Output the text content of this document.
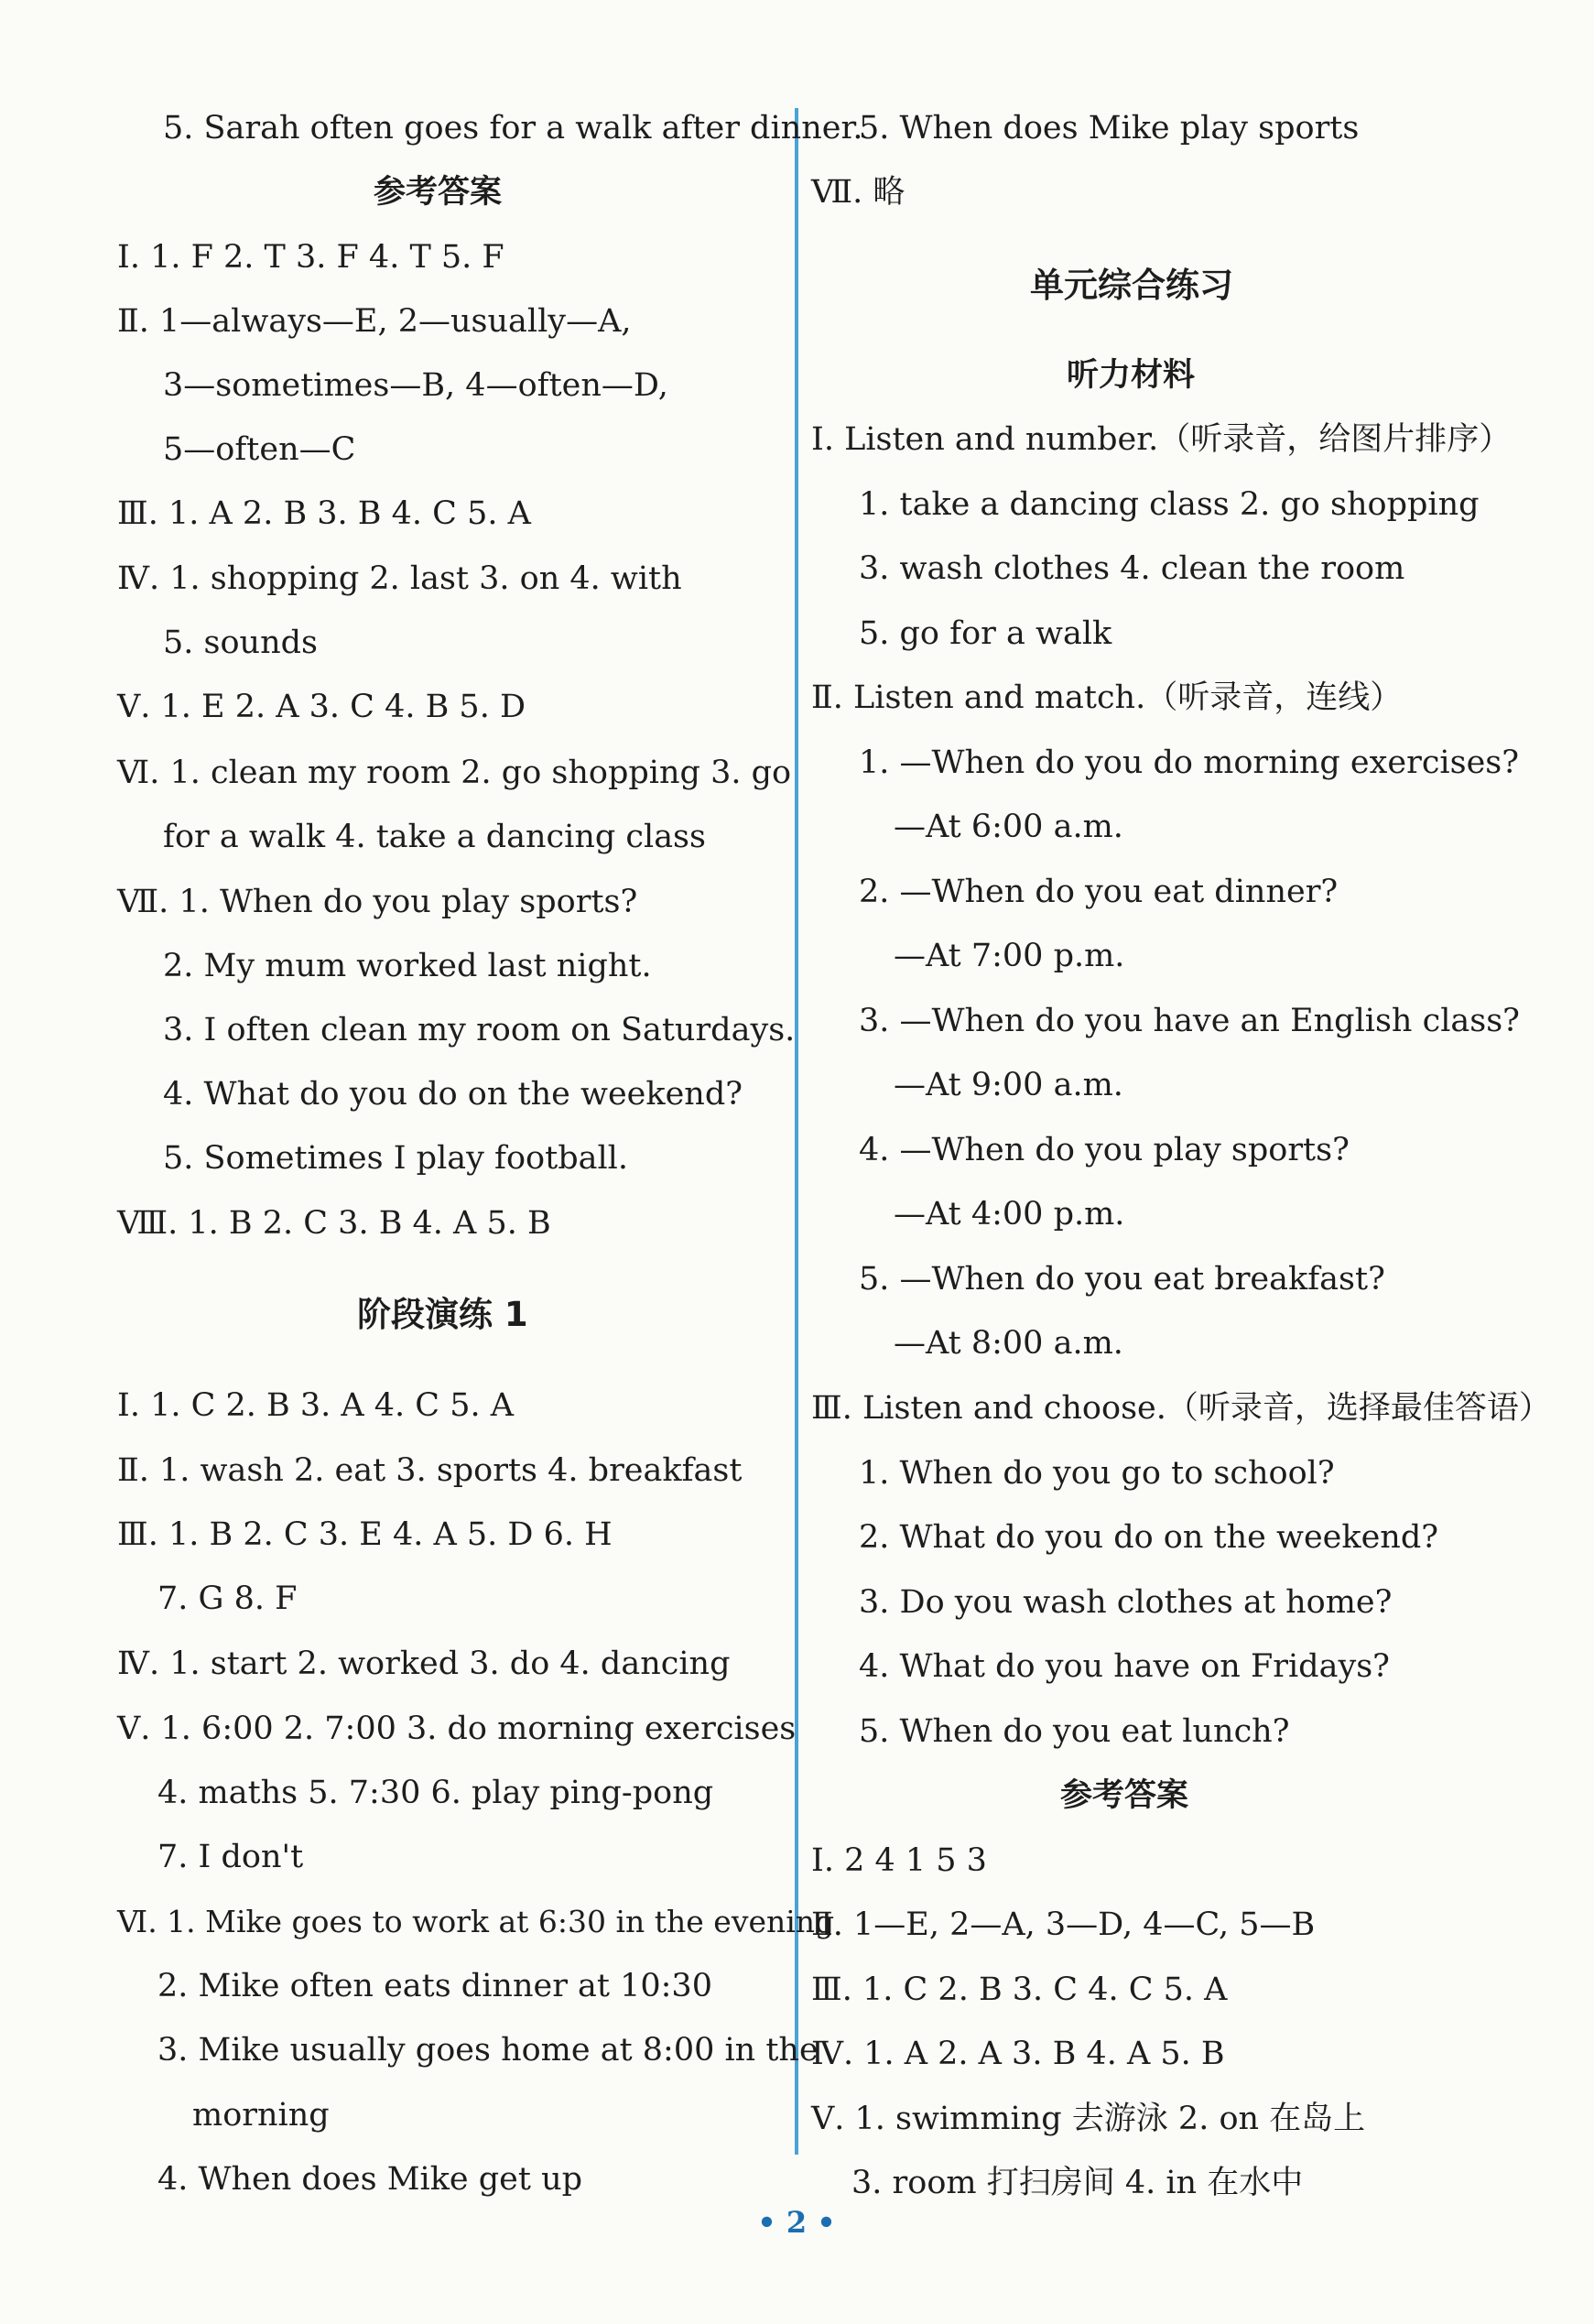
5. Sarah often goes for a walk after dinner.
参考答案
Ⅰ. 1. F 2. T 3. F 4. T 5. F
Ⅱ. 1—always—E, 2—usually—A,
3—sometimes—B, 4—often—D,
5—often—C
Ⅲ. 1. A 2. B 3. B 4. C 5. A
Ⅳ. 1. shopping 2. last 3. on 4. with
5. sounds
Ⅴ. 1. E 2. A 3. C 4. B 5. D
Ⅵ. 1. clean my room 2. go shopping 3. go
for a walk 4. take a dancing class
Ⅶ. 1. When do you play sports?
2. My mum worked last night.
3. I often clean my room on Saturdays.
4. What do you do on the weekend?
5. Sometimes I play football.
Ⅷ. 1. B 2. C 3. B 4. A 5. B
阶段演练 1
Ⅰ. 1. C 2. B 3. A 4. C 5. A
Ⅱ. 1. wash 2. eat 3. sports 4. breakfast
Ⅲ. 1. B 2. C 3. E 4. A 5. D 6. H
7. G 8. F
Ⅳ. 1. start 2. worked 3. do 4. dancing
Ⅴ. 1. 6:00 2. 7:00 3. do morning exercises
4. maths 5. 7:30 6. play ping-pong
7. I don't
Ⅵ. 1. Mike goes to work at 6:30 in the evening
2. Mike often eats dinner at 10:30
3. Mike usually goes home at 8:00 in the
morning
4. When does Mike get up
5. When does Mike play sports
Ⅶ. 略
单元综合练习
听力材料
Ⅰ. Listen and number.（听录音，给图片排序）
1. take a dancing class 2. go shopping
3. wash clothes 4. clean the room
5. go for a walk
Ⅱ. Listen and match.（听录音，连线）
1. —When do you do morning exercises?
—At 6:00 a.m.
2. —When do you eat dinner?
—At 7:00 p.m.
3. —When do you have an English class?
—At 9:00 a.m.
4. —When do you play sports?
—At 4:00 p.m.
5. —When do you eat breakfast?
—At 8:00 a.m.
Ⅲ. Listen and choose.（听录音，选择最佳答语）
1. When do you go to school?
2. What do you do on the weekend?
3. Do you wash clothes at home?
4. What do you have on Fridays?
5. When do you eat lunch?
参考答案
Ⅰ. 2 4 1 5 3
Ⅱ. 1—E, 2—A, 3—D, 4—C, 5—B
Ⅲ. 1. C 2. B 3. C 4. C 5. A
Ⅳ. 1. A 2. A 3. B 4. A 5. B
Ⅴ. 1. swimming 去游泳 2. on 在岛上
3. room 打扫房间 4. in 在水中
• 2 •
